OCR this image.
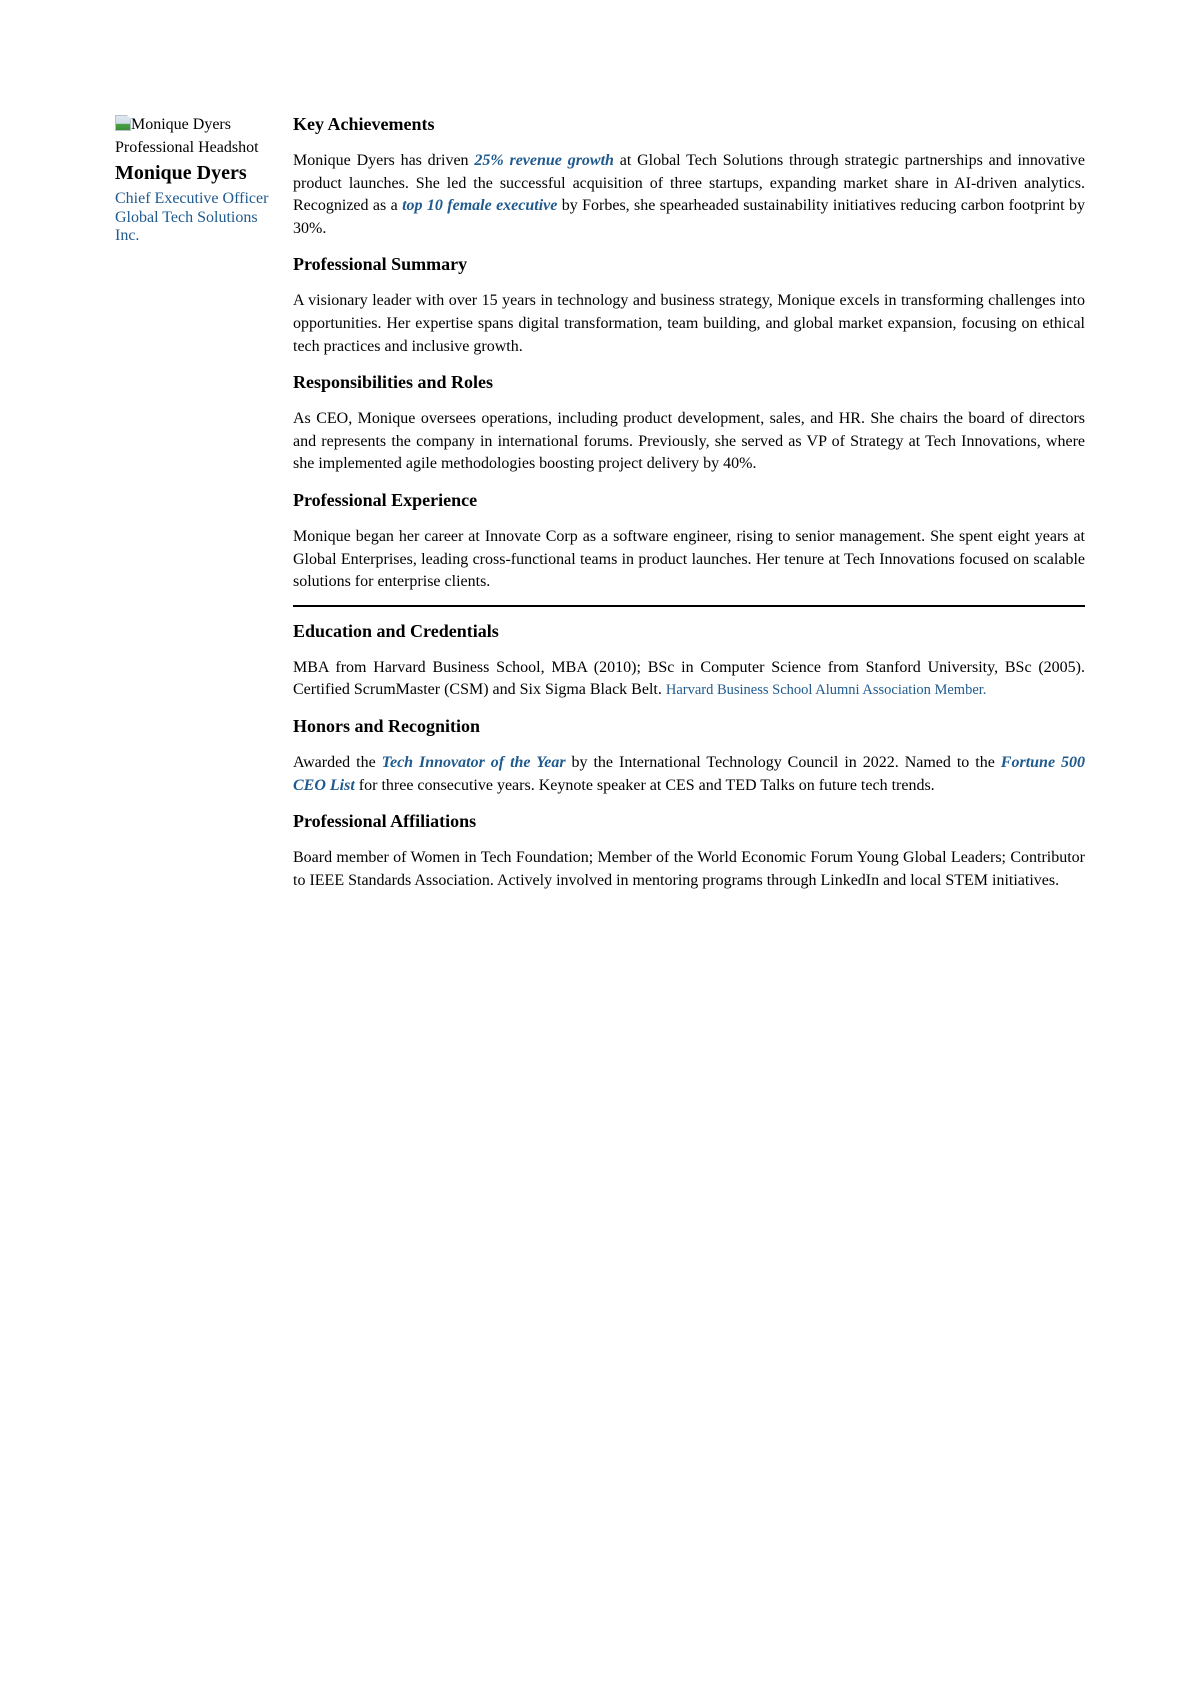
Monique Dyers Professional Headshot
Monique Dyers
Chief Executive Officer
Global Tech Solutions Inc.
Key Achievements

Monique Dyers has driven 25% revenue growth at Global Tech Solutions through strategic partnerships and innovative product launches. She led the successful acquisition of three startups, expanding market share in AI-driven analytics. Recognized as a top 10 female executive by Forbes, she spearheaded sustainability initiatives reducing carbon footprint by 30%.

Professional Summary

A visionary leader with over 15 years in technology and business strategy, Monique excels in transforming challenges into opportunities. Her expertise spans digital transformation, team building, and global market expansion, focusing on ethical tech practices and inclusive growth.

Responsibilities and Roles

As CEO, Monique oversees operations, including product development, sales, and HR. She chairs the board of directors and represents the company in international forums. Previously, she served as VP of Strategy at Tech Innovations, where she implemented agile methodologies boosting project delivery by 40%.

Professional Experience

Monique began her career at Innovate Corp as a software engineer, rising to senior management. She spent eight years at Global Enterprises, leading cross-functional teams in product launches. Her tenure at Tech Innovations focused on scalable solutions for enterprise clients.

Education and Credentials

MBA from Harvard Business School, MBA (2010); BSc in Computer Science from Stanford University, BSc (2005). Certified ScrumMaster (CSM) and Six Sigma Black Belt. Harvard Business School Alumni Association Member.

Honors and Recognition

Awarded the Tech Innovator of the Year by the International Technology Council in 2022. Named to the Fortune 500 CEO List for three consecutive years. Keynote speaker at CES and TED Talks on future tech trends.

Professional Affiliations

Board member of Women in Tech Foundation; Member of the World Economic Forum Young Global Leaders; Contributor to IEEE Standards Association. Actively involved in mentoring programs through LinkedIn and local STEM initiatives.
